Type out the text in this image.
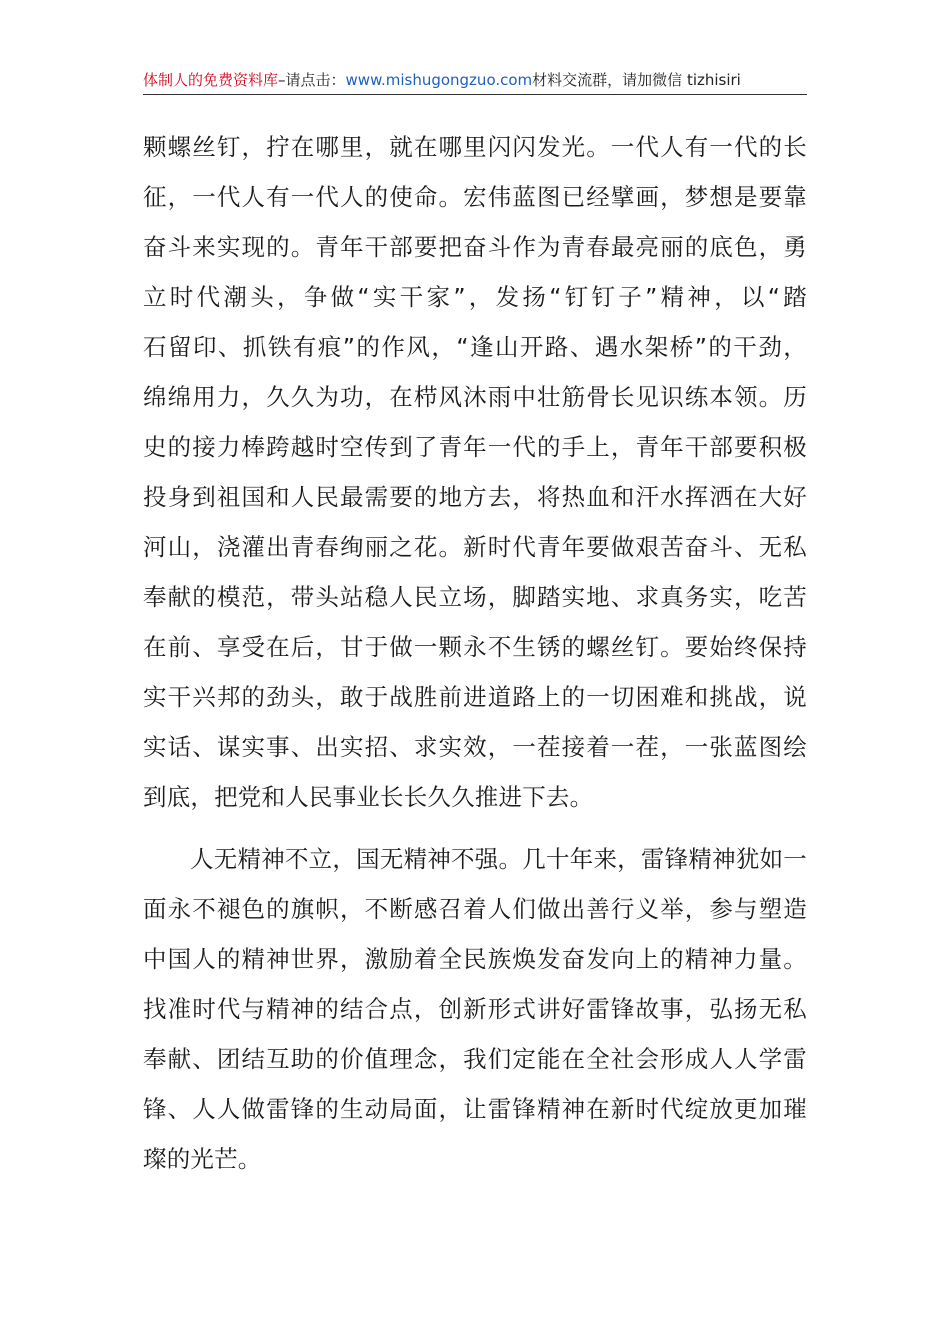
体制人的免费资料库–请点击：www.mishugongzuo.com材料交流群，请加微信 tizhisiri
颗螺丝钉，拧在哪里，就在哪里闪闪发光。一代人有一代的长
征，一代人有一代人的使命。宏伟蓝图已经擘画，梦想是要靠
奋斗来实现的。青年干部要把奋斗作为青春最亮丽的底色，勇
立时代潮头，争做“实干家”，发扬“钉钉子”精神，以“踏
石留印、抓铁有痕”的作风，“逢山开路、遇水架桥”的干劲，
绵绵用力，久久为功，在栉风沐雨中壮筋骨长见识练本领。历
史的接力棒跨越时空传到了青年一代的手上，青年干部要积极
投身到祖国和人民最需要的地方去，将热血和汗水挥洒在大好
河山，浇灌出青春绚丽之花。新时代青年要做艰苦奋斗、无私
奉献的模范，带头站稳人民立场，脚踏实地、求真务实，吃苦
在前、享受在后，甘于做一颗永不生锈的螺丝钉。要始终保持
实干兴邦的劲头，敢于战胜前进道路上的一切困难和挑战，说
实话、谋实事、出实招、求实效，一茬接着一茬，一张蓝图绘
到底，把党和人民事业长长久久推进下去。
人无精神不立，国无精神不强。几十年来，雷锋精神犹如一
面永不褪色的旗帜，不断感召着人们做出善行义举，参与塑造
中国人的精神世界，激励着全民族焕发奋发向上的精神力量。
找准时代与精神的结合点，创新形式讲好雷锋故事，弘扬无私
奉献、团结互助的价值理念，我们定能在全社会形成人人学雷
锋、人人做雷锋的生动局面，让雷锋精神在新时代绽放更加璀
璨的光芒。
